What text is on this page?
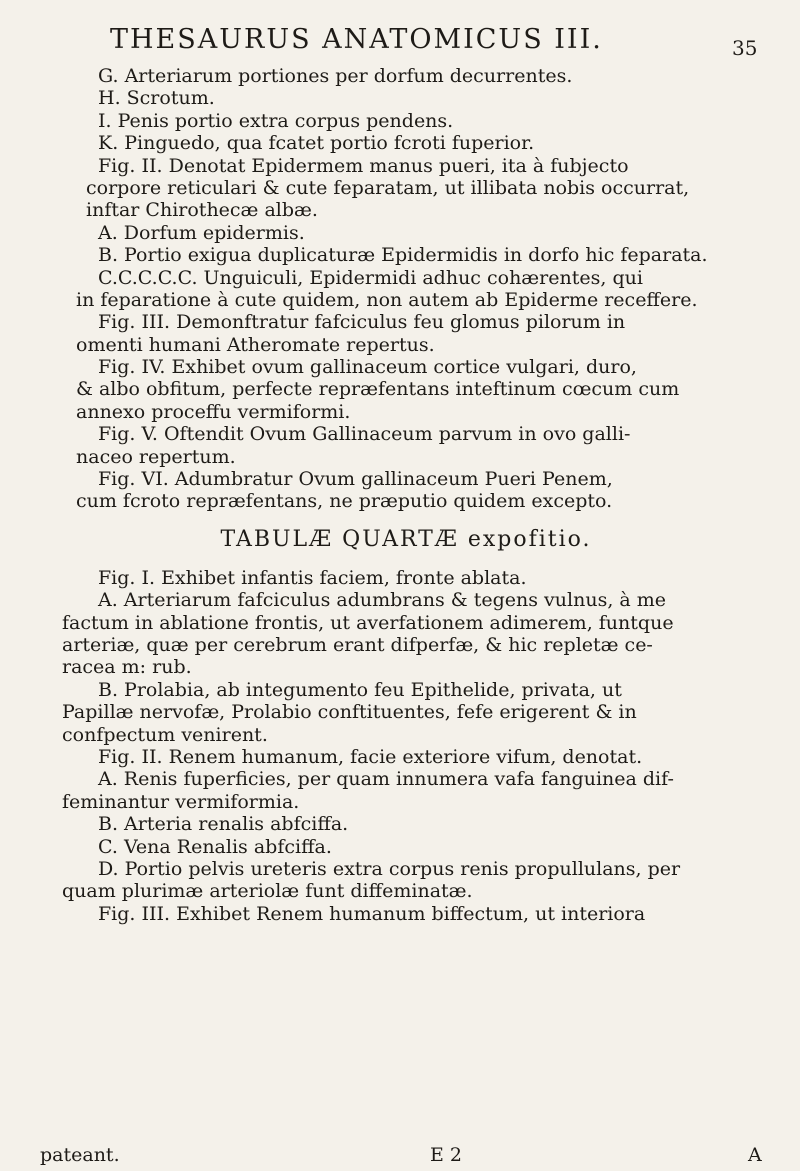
THESAURUS ANATOMICUS III.	35
G. Arteriarum portiones per dorfum decurrentes.
H. Scrotum.
I. Penis portio extra corpus pendens.
K. Pinguedo, qua fcatet portio fcroti fuperior.
Fig. II. Denotat Epidermem manus pueri, ita à fubjecto
corpore reticulari & cute feparatam, ut illibata nobis occurrat,
inftar Chirothecæ albæ.
A. Dorfum epidermis.
B. Portio exigua duplicaturæ Epidermidis in dorfo hic feparata.
C.C.C.C.C. Unguiculi, Epidermidi adhuc cohærentes, qui
in feparatione à cute quidem, non autem ab Epiderme receffere.
Fig. III. Demonftratur fafciculus feu glomus pilorum in
omenti humani Atheromate repertus.
Fig. IV. Exhibet ovum gallinaceum cortice vulgari, duro,
& albo obfitum, perfecte repræfentans inteftinum cœcum cum
annexo proceffu vermiformi.
Fig. V. Oftendit Ovum Gallinaceum parvum in ovo galli-
naceo repertum.
Fig. VI. Adumbratur Ovum gallinaceum Pueri Penem,
cum fcroto repræfentans, ne præputio quidem excepto.
TABULÆ QUARTÆ expofitio.
Fig. I. Exhibet infantis faciem, fronte ablata.
A. Arteriarum fafciculus adumbrans & tegens vulnus, à me
factum in ablatione frontis, ut averfationem adimerem, funtque
arteriæ, quæ per cerebrum erant difperfæ, & hic repletæ ce-
racea m: rub.
B. Prolabia, ab integumento feu Epithelide, privata, ut
Papillæ nervofæ, Prolabio conftituentes, fefe erigerent & in
confpectum venirent.
Fig. II. Renem humanum, facie exteriore vifum, denotat.
A. Renis fuperficies, per quam innumera vafa fanguinea dif-
feminantur vermiformia.
B. Arteria renalis abfciffa.
C. Vena Renalis abfciffa.
D. Portio pelvis ureteris extra corpus renis propullulans, per
quam plurimæ arteriolæ funt diffeminatæ.
Fig. III. Exhibet Renem humanum biffectum, ut interiora
pateant.	E 2	A
